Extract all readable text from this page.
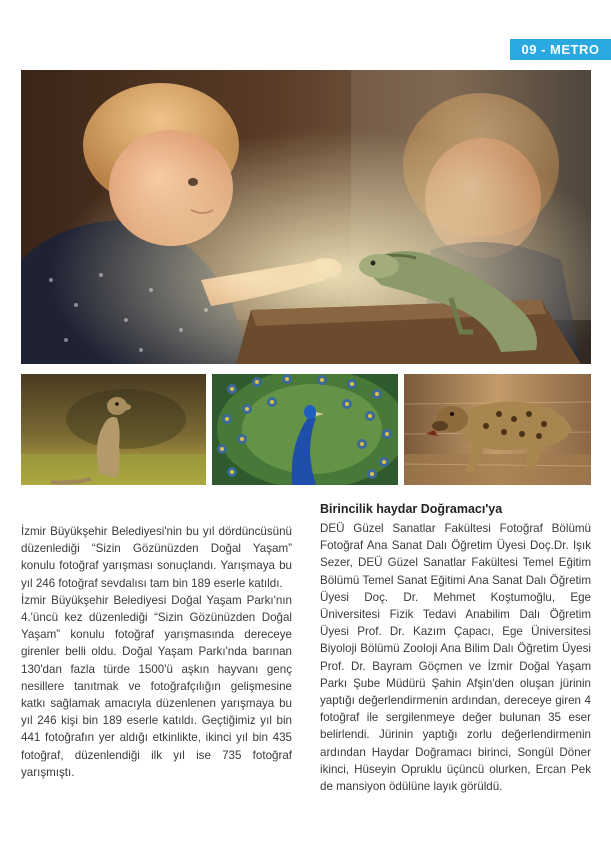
09 - METRO

İzmir Büyükşehir Belediyesi'nin bu yıl dördüncüsünü düzenlediği “Sizin Gözünüzden Doğal Yaşam” konulu fotoğraf yarışması sonuçlandı. Yarışmaya bu yıl 246 fotoğraf sevdalısı tam bin 189 eserle katıldı.

İzmir Büyükşehir Belediyesi Doğal Yaşam Parkı'nın 4.'üncü kez düzenlediği “Sizin Gözünüzden Doğal Yaşam” konulu fotoğraf yarışmasında dereceye girenler belli oldu. Doğal Yaşam Parkı'nda barınan 130'dan fazla türde 1500'ü aşkın hayvanı genç nesillere tanıtmak ve fotoğrafçılığın gelişmesine katkı sağlamak amacıyla düzenlenen yarışmaya bu yıl 246 kişi bin 189 eserle katıldı. Geçtiğimiz yıl bin 441 fotoğrafın yer aldığı etkinlikte, ikinci yıl bin 435 fotoğraf, düzenlendiği ilk yıl ise 735 fotoğraf yarışmıştı.

Birincilik haydar Doğramacı'ya

DEÜ Güzel Sanatlar Fakültesi Fotoğraf Bölümü Fotoğraf Ana Sanat Dalı Öğretim Üyesi Doç.Dr. Işık Sezer, DEÜ Güzel Sanatlar Fakültesi Temel Eğitim Bölümü Temel Sanat Eğitimi Ana Sanat Dalı Öğretim Üyesi Doç. Dr. Mehmet Koştumoğlu, Ege Üniversitesi Fizik Tedavi Anabilim Dalı Öğretim Üyesi Prof. Dr. Kazım Çapacı, Ege Üniversitesi Biyoloji Bölümü Zooloji Ana Bilim Dalı Öğretim Üyesi Prof. Dr. Bayram Göçmen ve İzmir Doğal Yaşam Parkı Şube Müdürü Şahin Afşin'den oluşan jürinin yaptığı değerlendirmenin ardından, dereceye giren 4 fotoğraf ile sergilenmeye değer bulunan 35 eser belirlendi. Jürinin yaptığı zorlu değerlendirmenin ardından Haydar Doğramacı birinci, Songül Döner ikinci, Hüseyin Opruklu üçüncü olurken, Ercan Pek de mansiyon ödülüne layık görüldü.
